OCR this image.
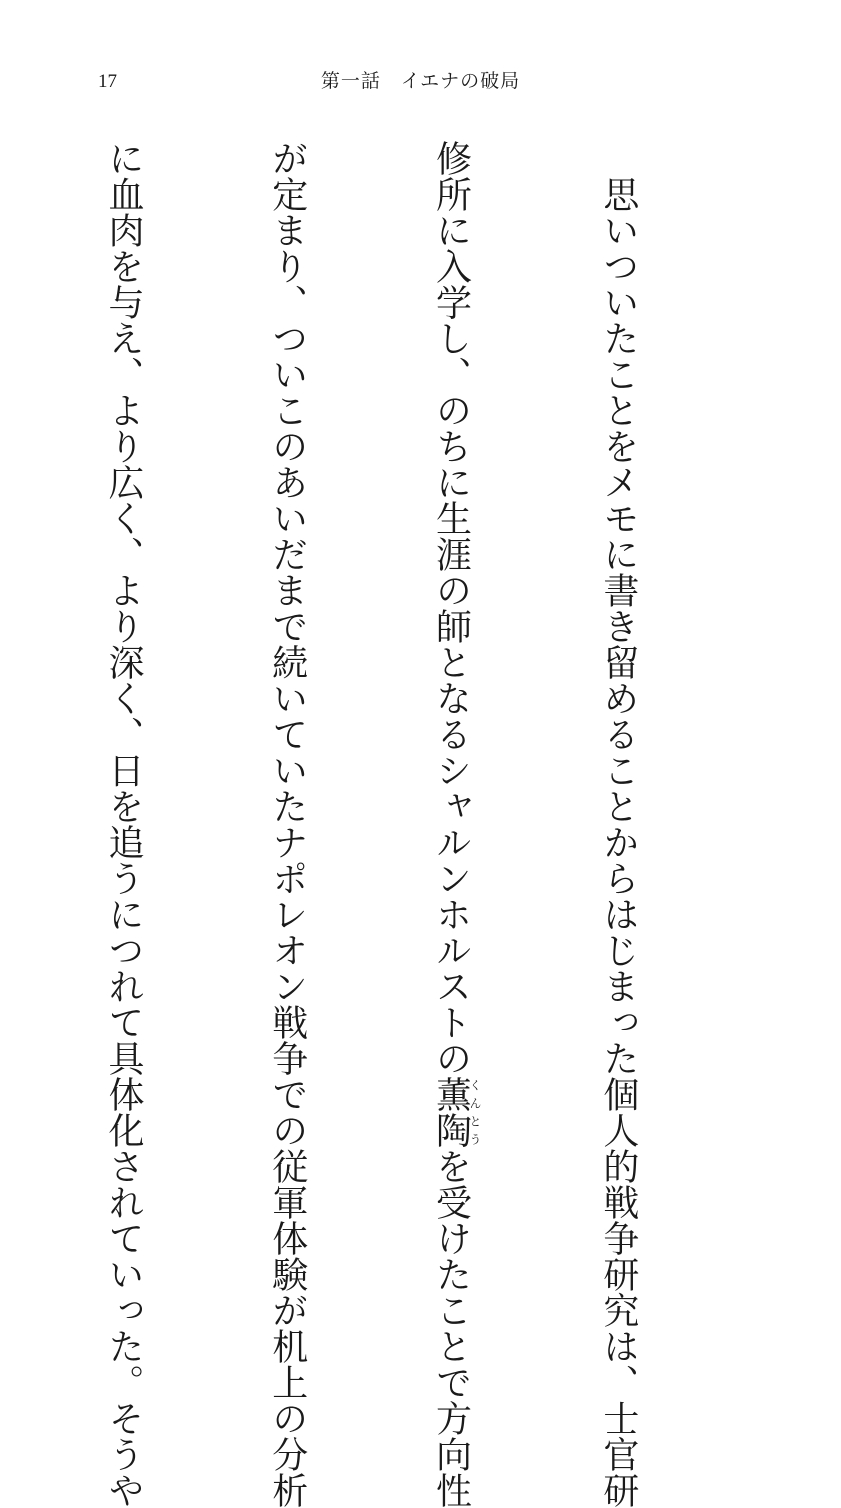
17	第一話　イエナの破局

　思いついたことをメモに書き留めることからはじまった個人的戦争研究は、士官研

修所に入学し、のちに生涯の師となるシャルンホルストの薫陶くんとうを受けたことで方向性

が定まり、ついこのあいだまで続いていたナポレオン戦争での従軍体験が机上の分析

に血肉を与え、より広く、より深く、日を追うにつれて具体化されていった。そうや
